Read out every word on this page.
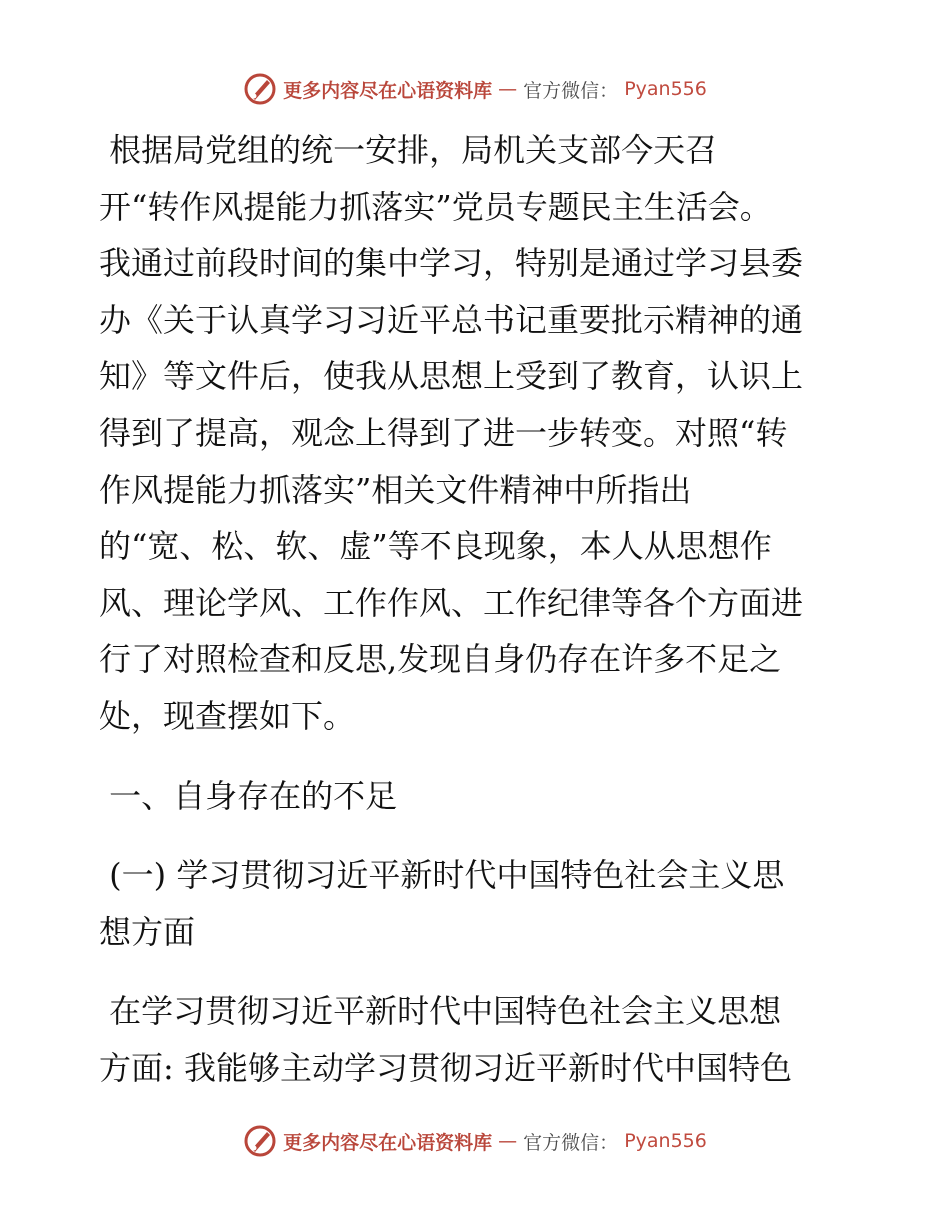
更多内容尽在心语资料库 — 官方微信： Pyan556

根据局党组的统一安排，局机关支部今天召

开“转作风提能力抓落实”党员专题民主生活会。

我通过前段时间的集中学习，特别是通过学习县委

办《关于认真学习习近平总书记重要批示精神的通

知》等文件后，使我从思想上受到了教育，认识上

得到了提高，观念上得到了进一步转变。对照“转

作风提能力抓落实”相关文件精神中所指出

的“宽、松、软、虚”等不良现象，本人从思想作

风、理论学风、工作作风、工作纪律等各个方面进

行了对照检查和反思,发现自身仍存在许多不足之

处，现查摆如下。

一、自身存在的不足

(一) 学习贯彻习近平新时代中国特色社会主义思

想方面

在学习贯彻习近平新时代中国特色社会主义思想

方面: 我能够主动学习贯彻习近平新时代中国特色

更多内容尽在心语资料库 — 官方微信： Pyan556
